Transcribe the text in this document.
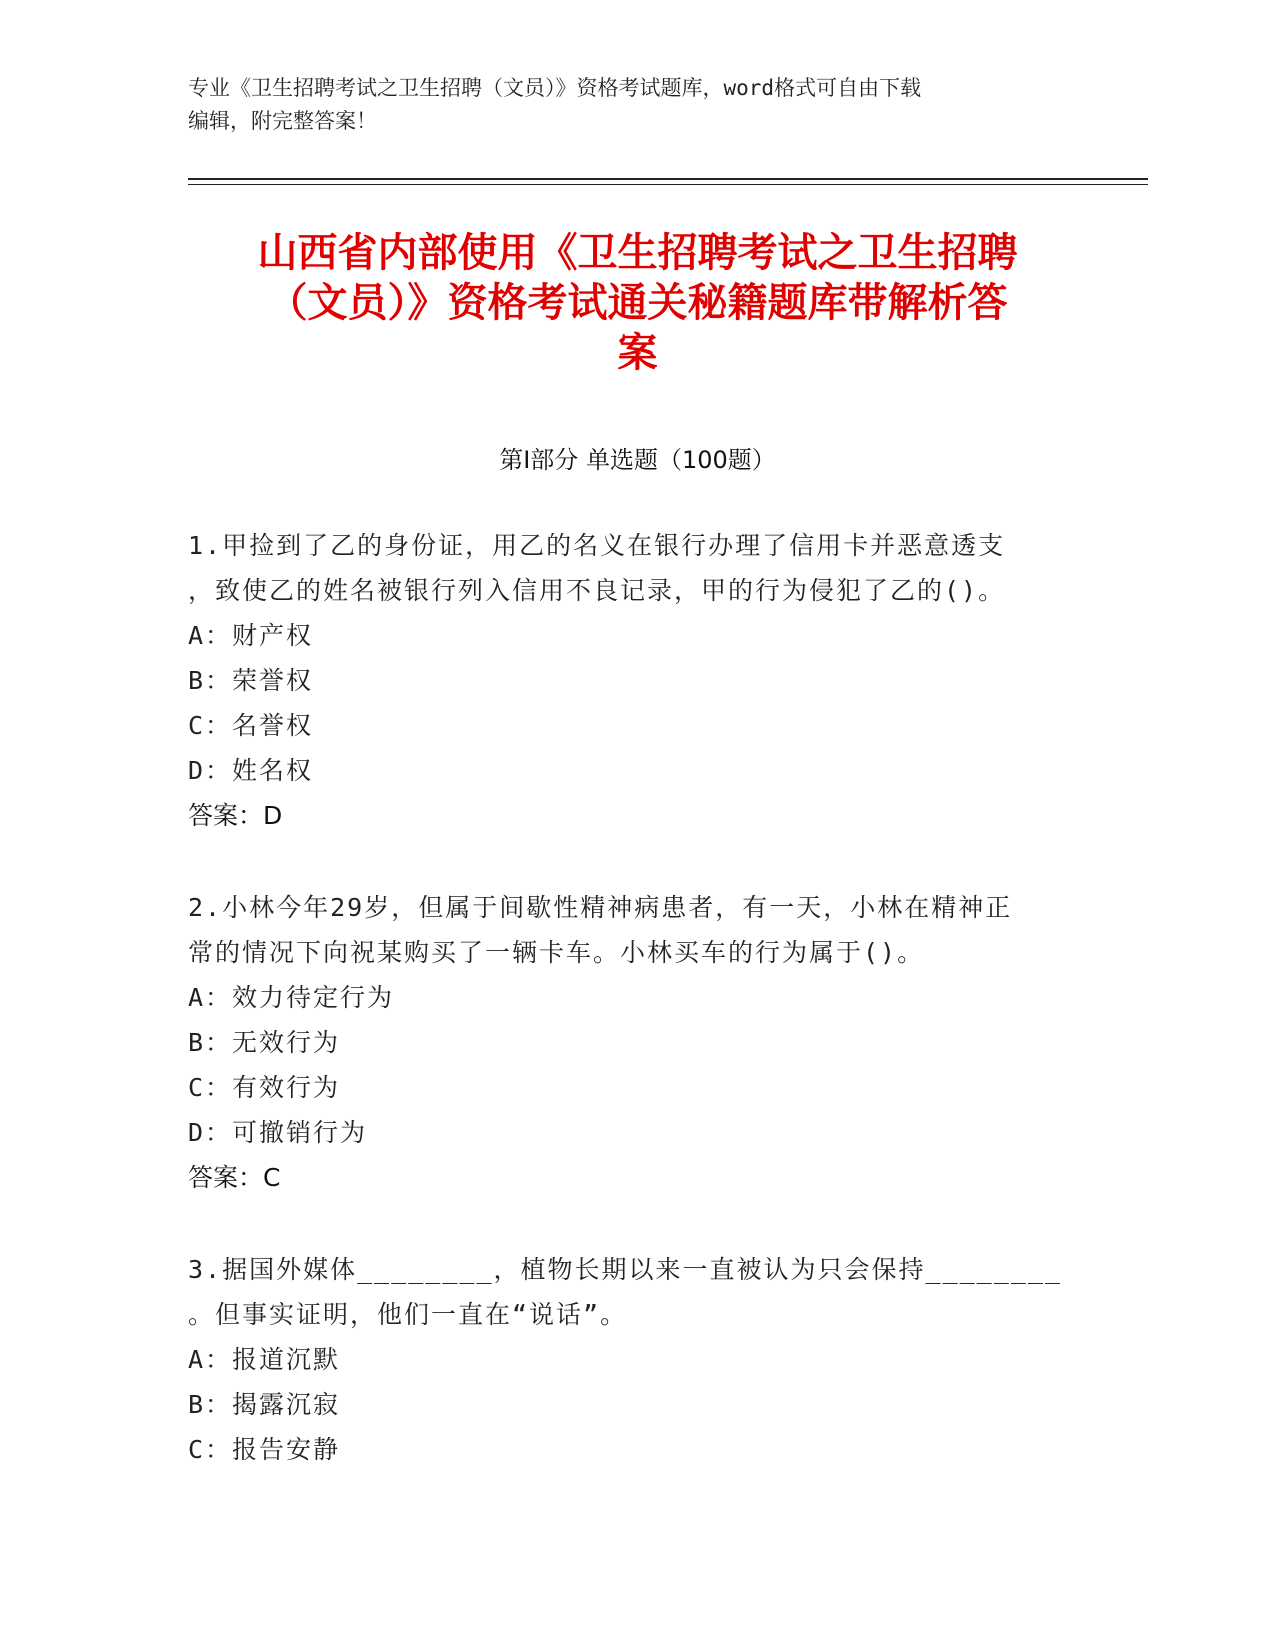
专业《卫生招聘考试之卫生招聘（文员）》资格考试题库，word格式可自由下载
编辑，附完整答案！
山西省内部使用《卫生招聘考试之卫生招聘
（文员）》资格考试通关秘籍题库带解析答
案
第Ⅰ部分 单选题（100题）
1.甲捡到了乙的身份证，用乙的名义在银行办理了信用卡并恶意透支
，致使乙的姓名被银行列入信用不良记录，甲的行为侵犯了乙的()。
A：财产权
B：荣誉权
C：名誉权
D：姓名权
答案：D
2.小林今年29岁，但属于间歇性精神病患者，有一天，小林在精神正
常的情况下向祝某购买了一辆卡车。小林买车的行为属于()。
A：效力待定行为
B：无效行为
C：有效行为
D：可撤销行为
答案：C
3.据国外媒体________，植物长期以来一直被认为只会保持________
。但事实证明，他们一直在“说话”。
A：报道沉默
B：揭露沉寂
C：报告安静
